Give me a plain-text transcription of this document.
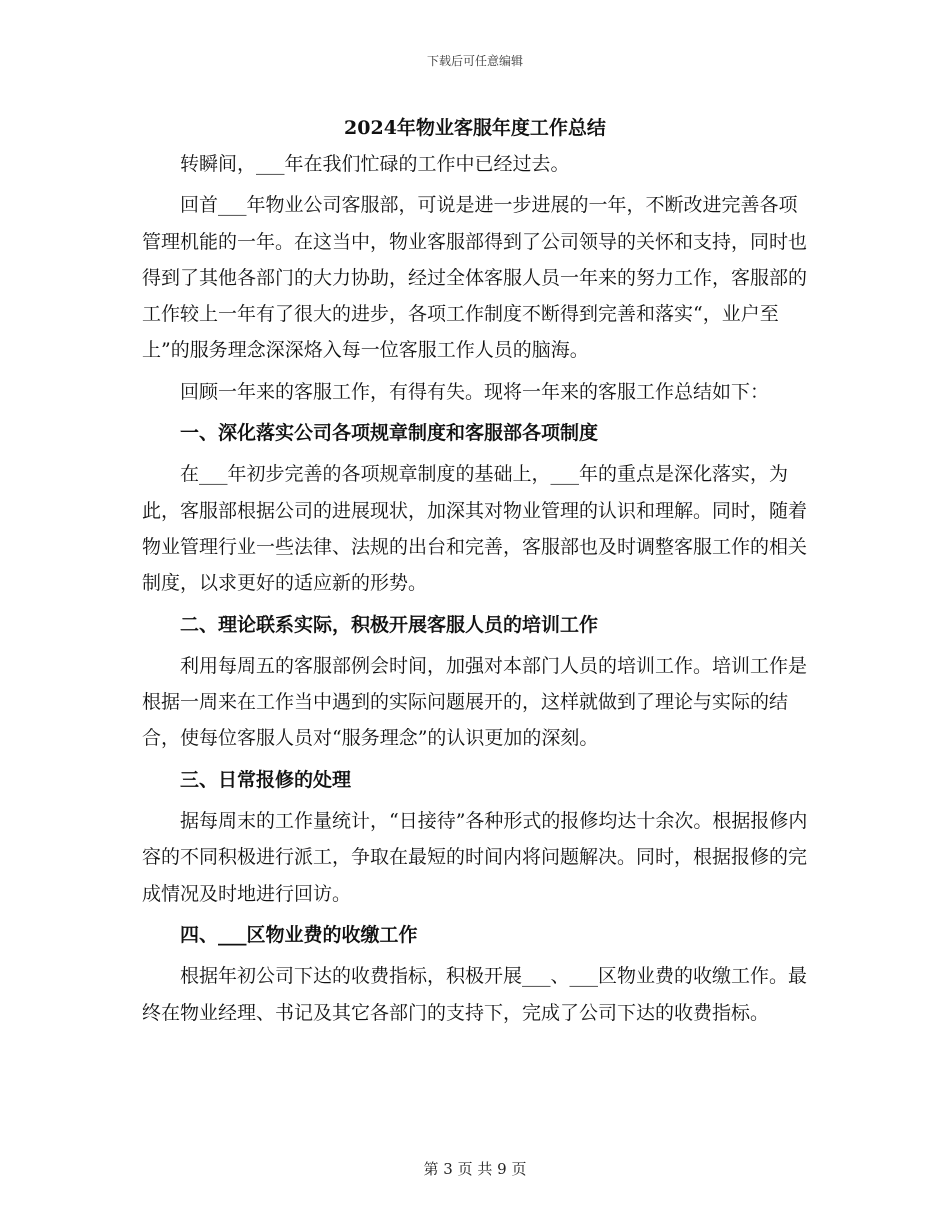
下载后可任意编辑
2024年物业客服年度工作总结

转瞬间，___年在我们忙碌的工作中已经过去。

回首___年物业公司客服部，可说是进一步进展的一年，不断改进完善各项管理机能的一年。在这当中，物业客服部得到了公司领导的关怀和支持，同时也得到了其他各部门的大力协助，经过全体客服人员一年来的努力工作，客服部的工作较上一年有了很大的进步，各项工作制度不断得到完善和落实“，业户至上”的服务理念深深烙入每一位客服工作人员的脑海。

回顾一年来的客服工作，有得有失。现将一年来的客服工作总结如下：

一、深化落实公司各项规章制度和客服部各项制度

在___年初步完善的各项规章制度的基础上，___年的重点是深化落实，为此，客服部根据公司的进展现状，加深其对物业管理的认识和理解。同时，随着物业管理行业一些法律、法规的出台和完善，客服部也及时调整客服工作的相关制度，以求更好的适应新的形势。

二、理论联系实际，积极开展客服人员的培训工作

利用每周五的客服部例会时间，加强对本部门人员的培训工作。培训工作是根据一周来在工作当中遇到的实际问题展开的，这样就做到了理论与实际的结合，使每位客服人员对“服务理念”的认识更加的深刻。

三、日常报修的处理

据每周末的工作量统计，“日接待”各种形式的报修均达十余次。根据报修内容的不同积极进行派工，争取在最短的时间内将问题解决。同时，根据报修的完成情况及时地进行回访。

四、___区物业费的收缴工作

根据年初公司下达的收费指标，积极开展___、___区物业费的收缴工作。最终在物业经理、书记及其它各部门的支持下，完成了公司下达的收费指标。

第 3 页 共 9 页
